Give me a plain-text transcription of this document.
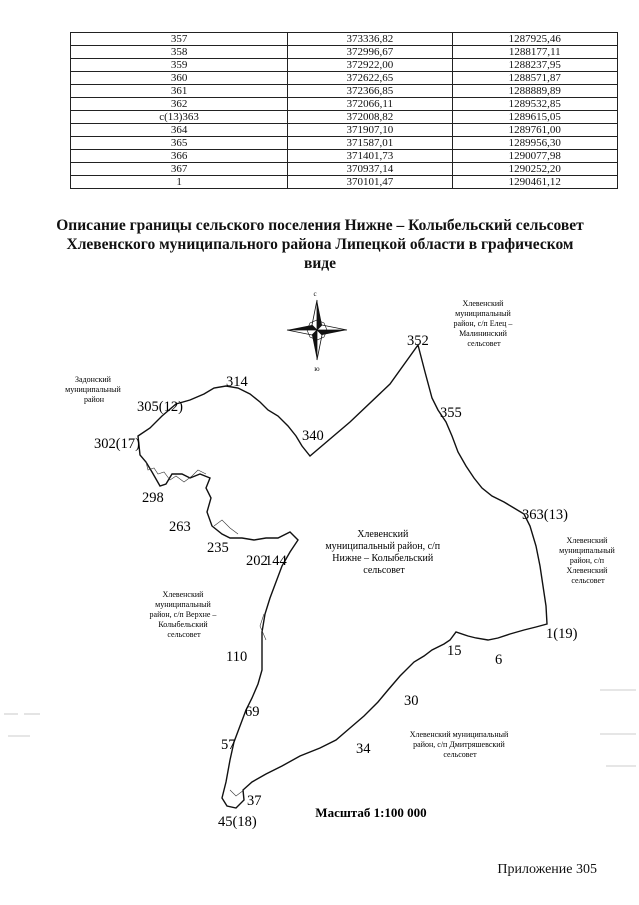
357	373336,82	1287925,46
358	372996,67	1288177,11
359	372922,00	1288237,95
360	372622,65	1288571,87
361	372366,85	1288889,89
362	372066,11	1289532,85
с(13)363	372008,82	1289615,05
364	371907,10	1289761,00
365	371587,01	1289956,30
366	371401,73	1290077,98
367	370937,14	1290252,20
1	370101,47	1290461,12
Описание границы сельского поселения Нижне – Колыбельский сельсовет
Хлевенского муниципального района Липецкой области в графическом
виде
с
ю
352
355
363(13)
1(19)
15
6
30
34
37
45(18)
57
69
110
202
144
235
263
298
302(17)
305(12)
314
340
Хлевенский муниципальный район, с/п Елец – Малининский сельсовет
Задонский муниципальный район
Хлевенский муниципальный район, с/п Хлевенский сельсовет
Хлевенский муниципальный район, с/п Верхне – Колыбельский сельсовет
Хлевенский муниципальный район, с/п Дмитряшевский сельсовет
Хлевенский муниципальный район, с/п Нижне – Колыбельский сельсовет
Масштаб 1:100 000
Приложение 305
